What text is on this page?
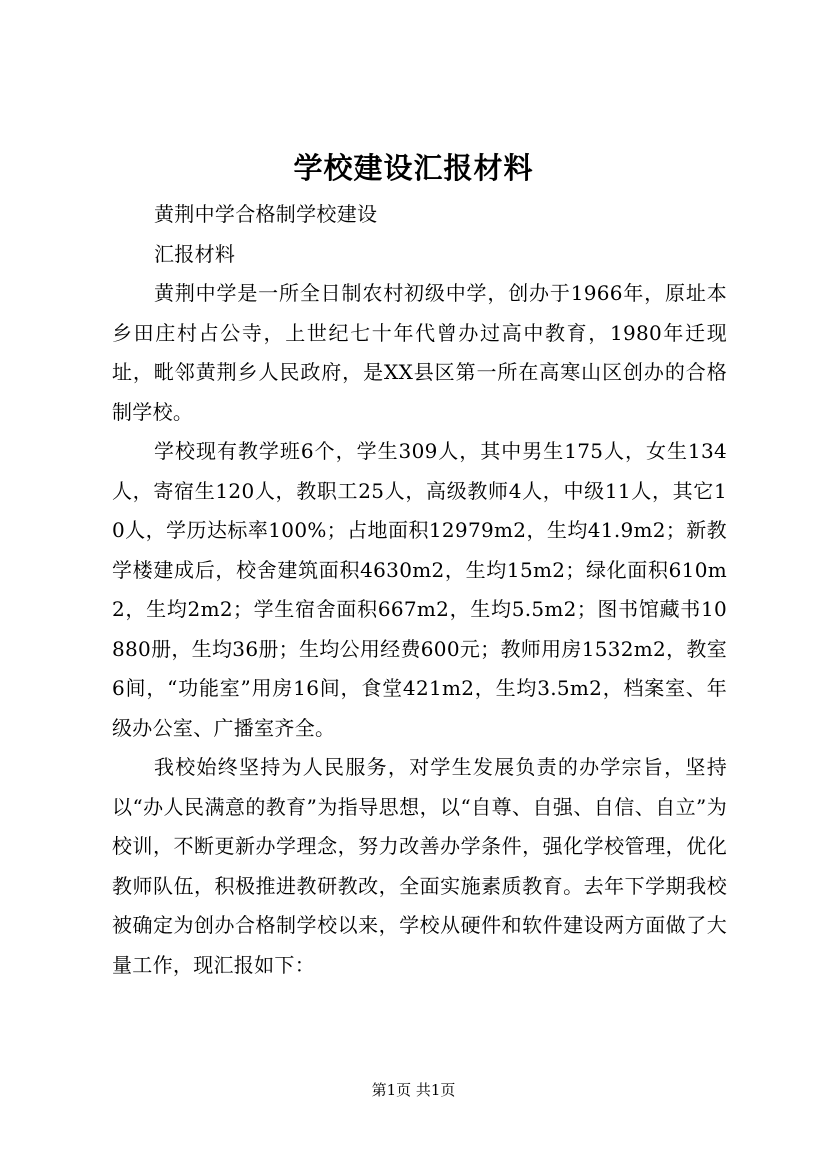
学校建设汇报材料

黄荆中学合格制学校建设

汇报材料

黄荆中学是一所全日制农村初级中学，创办于1966年，原址本乡田庄村占公寺，上世纪七十年代曾办过高中教育，1980年迁现址，毗邻黄荆乡人民政府，是XX县区第一所在高寒山区创办的合格制学校。

学校现有教学班6个，学生309人，其中男生175人，女生134人，寄宿生120人，教职工25人，高级教师4人，中级11人，其它10人，学历达标率100%；占地面积12979m2，生均41.9m2；新教学楼建成后，校舍建筑面积4630m2，生均15m2；绿化面积610m2，生均2m2；学生宿舍面积667m2，生均5.5m2；图书馆藏书10880册，生均36册；生均公用经费600元；教师用房1532m2，教室6间，“功能室”用房16间，食堂421m2，生均3.5m2，档案室、年级办公室、广播室齐全。

我校始终坚持为人民服务，对学生发展负责的办学宗旨，坚持以“办人民满意的教育”为指导思想，以“自尊、自强、自信、自立”为校训，不断更新办学理念，努力改善办学条件，强化学校管理，优化教师队伍，积极推进教研教改，全面实施素质教育。去年下学期我校被确定为创办合格制学校以来，学校从硬件和软件建设两方面做了大量工作，现汇报如下：

第1页 共1页
